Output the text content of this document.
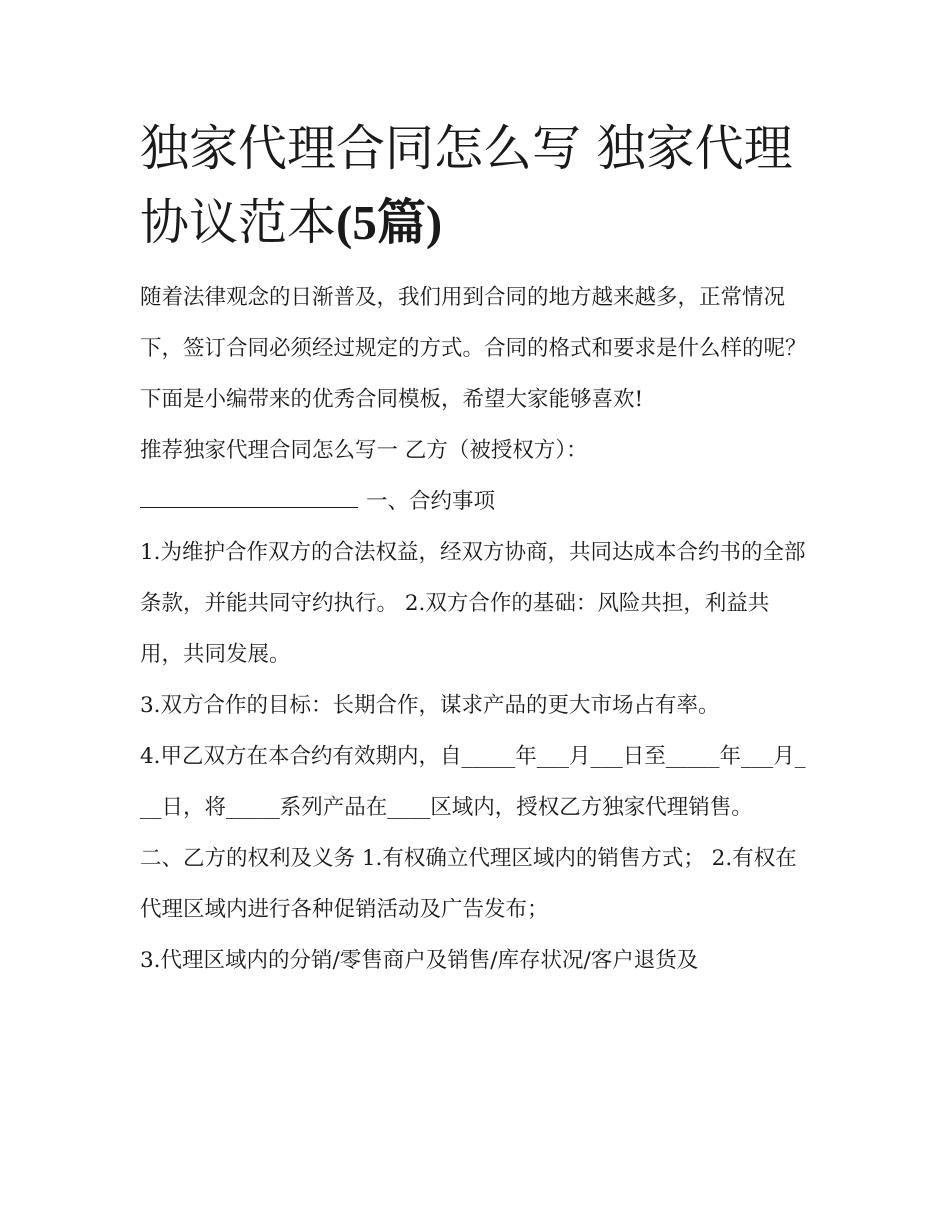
独家代理合同怎么写 独家代理协议范本(5篇)

随着法律观念的日渐普及，我们用到合同的地方越来越多，正常情况下，签订合同必须经过规定的方式。合同的格式和要求是什么样的呢？下面是小编带来的优秀合同模板，希望大家能够喜欢!

推荐独家代理合同怎么写一 乙方（被授权方）：

一、合约事项

1.为维护合作双方的合法权益，经双方协商，共同达成本合约书的全部条款，并能共同守约执行。 2.双方合作的基础：风险共担，利益共用，共同发展。

3.双方合作的目标：长期合作，谋求产品的更大市场占有率。

4.甲乙双方在本合约有效期内，自_____年___月___日至_____年___月___日，将_____系列产品在____区域内，授权乙方独家代理销售。

二、乙方的权利及义务 1.有权确立代理区域内的销售方式； 2.有权在代理区域内进行各种促销活动及广告发布；

3.代理区域内的分销/零售商户及销售/库存状况/客户退货及
